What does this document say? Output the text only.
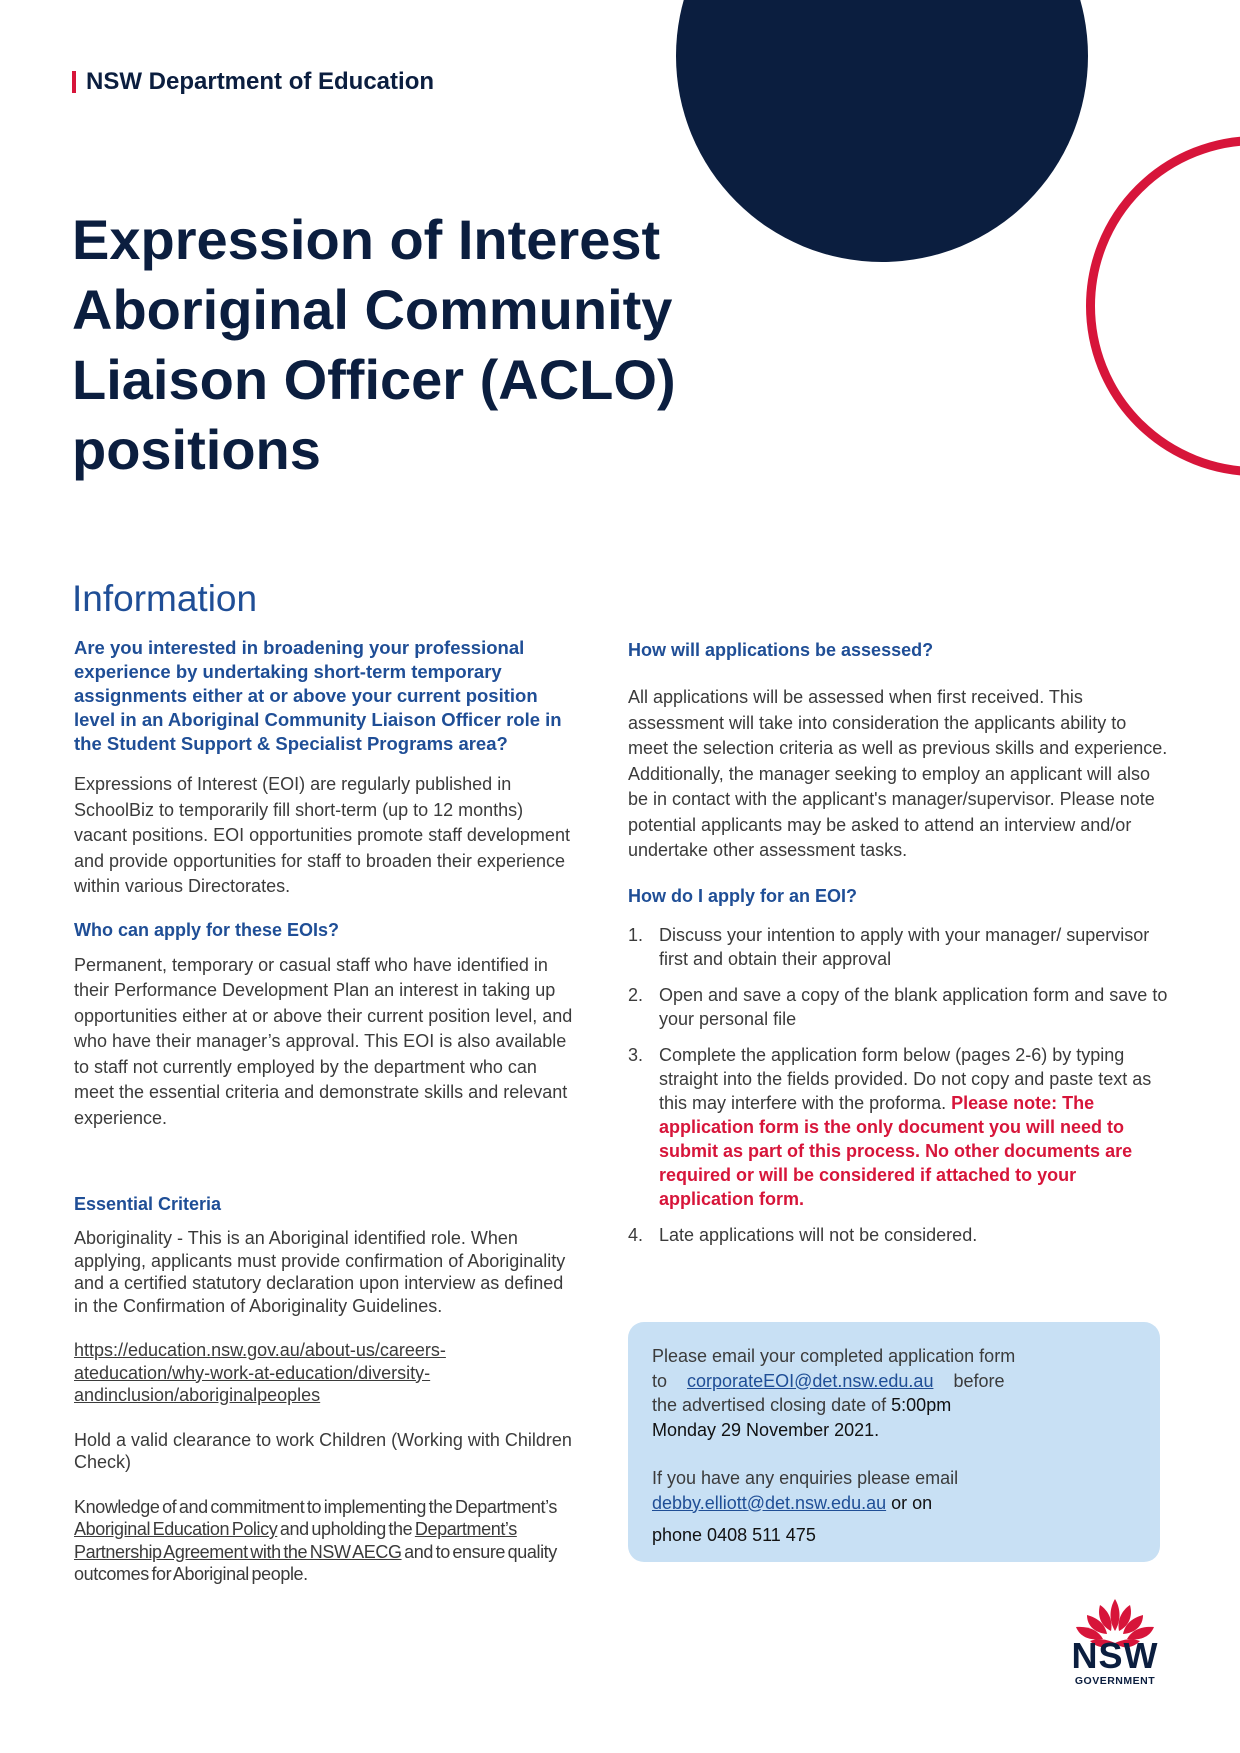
NSW Department of Education
Expression of Interest
Aboriginal Community
Liaison Officer (ACLO)
positions
Information

Are you interested in broadening your professional experience by undertaking short-term temporary assignments either at or above your current position level in an Aboriginal Community Liaison Officer role in the Student Support & Specialist Programs area?

Expressions of Interest (EOI) are regularly published in SchoolBiz to temporarily fill short-term (up to 12 months) vacant positions. EOI opportunities promote staff development and provide opportunities for staff to broaden their experience within various Directorates.

Who can apply for these EOIs?

Permanent, temporary or casual staff who have identified in their Performance Development Plan an interest in taking up opportunities either at or above their current position level, and who have their manager’s approval. This EOI is also available to staff not currently employed by the department who can meet the essential criteria and demonstrate skills and relevant experience.

Essential Criteria

Aboriginality - This is an Aboriginal identified role. When applying, applicants must provide confirmation of Aboriginality and a certified statutory declaration upon interview as defined in the Confirmation of Aboriginality Guidelines.

https://education.nsw.gov.au/about-us/careers-ateducation/why-work-at-education/diversity-andinclusion/aboriginalpeoples

Hold a valid clearance to work Children (Working with Children Check)

Knowledge of and commitment to implementing the Department’s Aboriginal Education Policy and upholding the Department’s Partnership Agreement with the NSW AECG and to ensure quality outcomes for Aboriginal people.

How will applications be assessed?

All applications will be assessed when first received. This assessment will take into consideration the applicants ability to meet the selection criteria as well as previous skills and experience. Additionally, the manager seeking to employ an applicant will also be in contact with the applicant's manager/supervisor. Please note potential applicants may be asked to attend an interview and/or undertake other assessment tasks.

How do I apply for an EOI?

1. Discuss your intention to apply with your manager/ supervisor first and obtain their approval
2. Open and save a copy of the blank application form and save to your personal file
3. Complete the application form below (pages 2-6) by typing straight into the fields provided. Do not copy and paste text as this may interfere with the proforma. Please note: The application form is the only document you will need to submit as part of this process. No other documents are required or will be considered if attached to your application form.
4. Late applications will not be considered.
Please email your completed application form
to corporateEOI@det.nsw.edu.au before
the advertised closing date of 5:00pm
Monday 29 November 2021.
If you have any enquiries please email
debby.elliott@det.nsw.edu.au or on
phone 0408 511 475
NSW
GOVERNMENT
